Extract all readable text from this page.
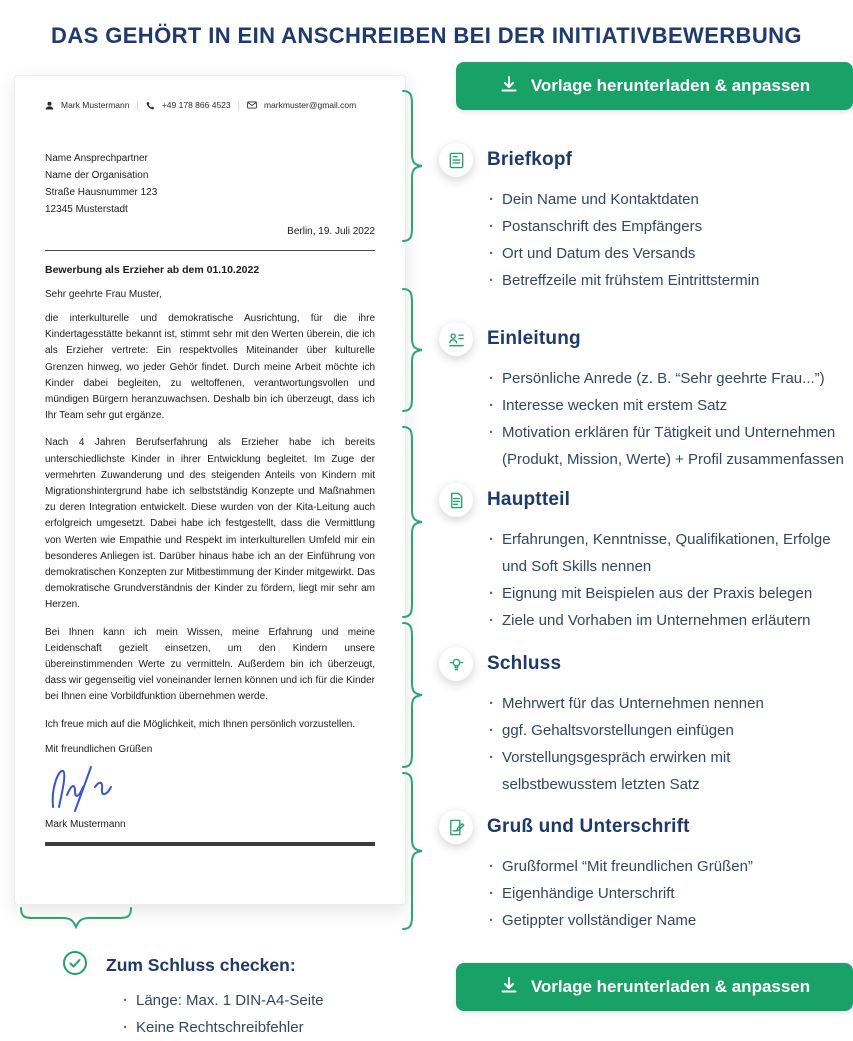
DAS GEHÖRT IN EIN ANSCHREIBEN BEI DER INITIATIVBEWERBUNG
Mark Mustermann |	+49 178 866 4523 |	markmuster@gmail.com
Name Ansprechpartner
Name der Organisation
Straße Hausnummer 123
12345 Musterstadt
Berlin, 19. Juli 2022
Bewerbung als Erzieher ab dem 01.10.2022
Sehr geehrte Frau Muster,

die interkulturelle und demokratische Ausrichtung, für die ihre Kindertagesstätte bekannt ist, stimmt sehr mit den Werten überein, die ich als Erzieher vertrete: Ein respektvolles Miteinander über kulturelle Grenzen hinweg, wo jeder Gehör findet. Durch meine Arbeit möchte ich Kinder dabei begleiten, zu weltoffenen, verantwortungsvollen und mündigen Bürgern heranzuwachsen. Deshalb bin ich überzeugt, dass ich Ihr Team sehr gut ergänze.

Nach 4 Jahren Berufserfahrung als Erzieher habe ich bereits unterschiedlichste Kinder in ihrer Entwicklung begleitet. Im Zuge der vermehrten Zuwanderung und des steigenden Anteils von Kindern mit Migrationshintergrund habe ich selbstständig Konzepte und Maßnahmen zu deren Integration entwickelt. Diese wurden von der Kita-Leitung auch erfolgreich umgesetzt. Dabei habe ich festgestellt, dass die Vermittlung von Werten wie Empathie und Respekt im interkulturellen Umfeld mir ein besonderes Anliegen ist. Darüber hinaus habe ich an der Einführung von demokratischen Konzepten zur Mitbestimmung der Kinder mitgewirkt. Das demokratische Grundverständnis der Kinder zu fördern, liegt mir sehr am Herzen.

Bei Ihnen kann ich mein Wissen, meine Erfahrung und meine Leidenschaft gezielt einsetzen, um den Kindern unsere übereinstimmenden Werte zu vermitteln. Außerdem bin ich überzeugt, dass wir gegenseitig viel voneinander lernen können und ich für die Kinder bei Ihnen eine Vorbildfunktion übernehmen werde.

Ich freue mich auf die Möglichkeit, mich Ihnen persönlich vorzustellen.

Mit freundlichen Grüßen
Mark Mustermann
Vorlage herunterladen & anpassen
Vorlage herunterladen & anpassen
Briefkopf
· Dein Name und Kontaktdaten
· Postanschrift des Empfängers
· Ort und Datum des Versands
· Betreffzeile mit frühstem Eintrittstermin
Einleitung
· Persönliche Anrede (z. B. “Sehr geehrte Frau...”)
· Interesse wecken mit erstem Satz
· Motivation erklären für Tätigkeit und Unternehmen (Produkt, Mission, Werte) + Profil zusammenfassen
Hauptteil
· Erfahrungen, Kenntnisse, Qualifikationen, Erfolge und Soft Skills nennen
· Eignung mit Beispielen aus der Praxis belegen
· Ziele und Vorhaben im Unternehmen erläutern
Schluss
· Mehrwert für das Unternehmen nennen
· ggf. Gehaltsvorstellungen einfügen
· Vorstellungsgespräch erwirken mit selbstbewusstem letzten Satz
Gruß und Unterschrift
· Grußformel “Mit freundlichen Grüßen”
· Eigenhändige Unterschrift
· Getippter vollständiger Name
Zum Schluss checken:
· Länge: Max. 1 DIN-A4-Seite
· Keine Rechtschreibfehler
